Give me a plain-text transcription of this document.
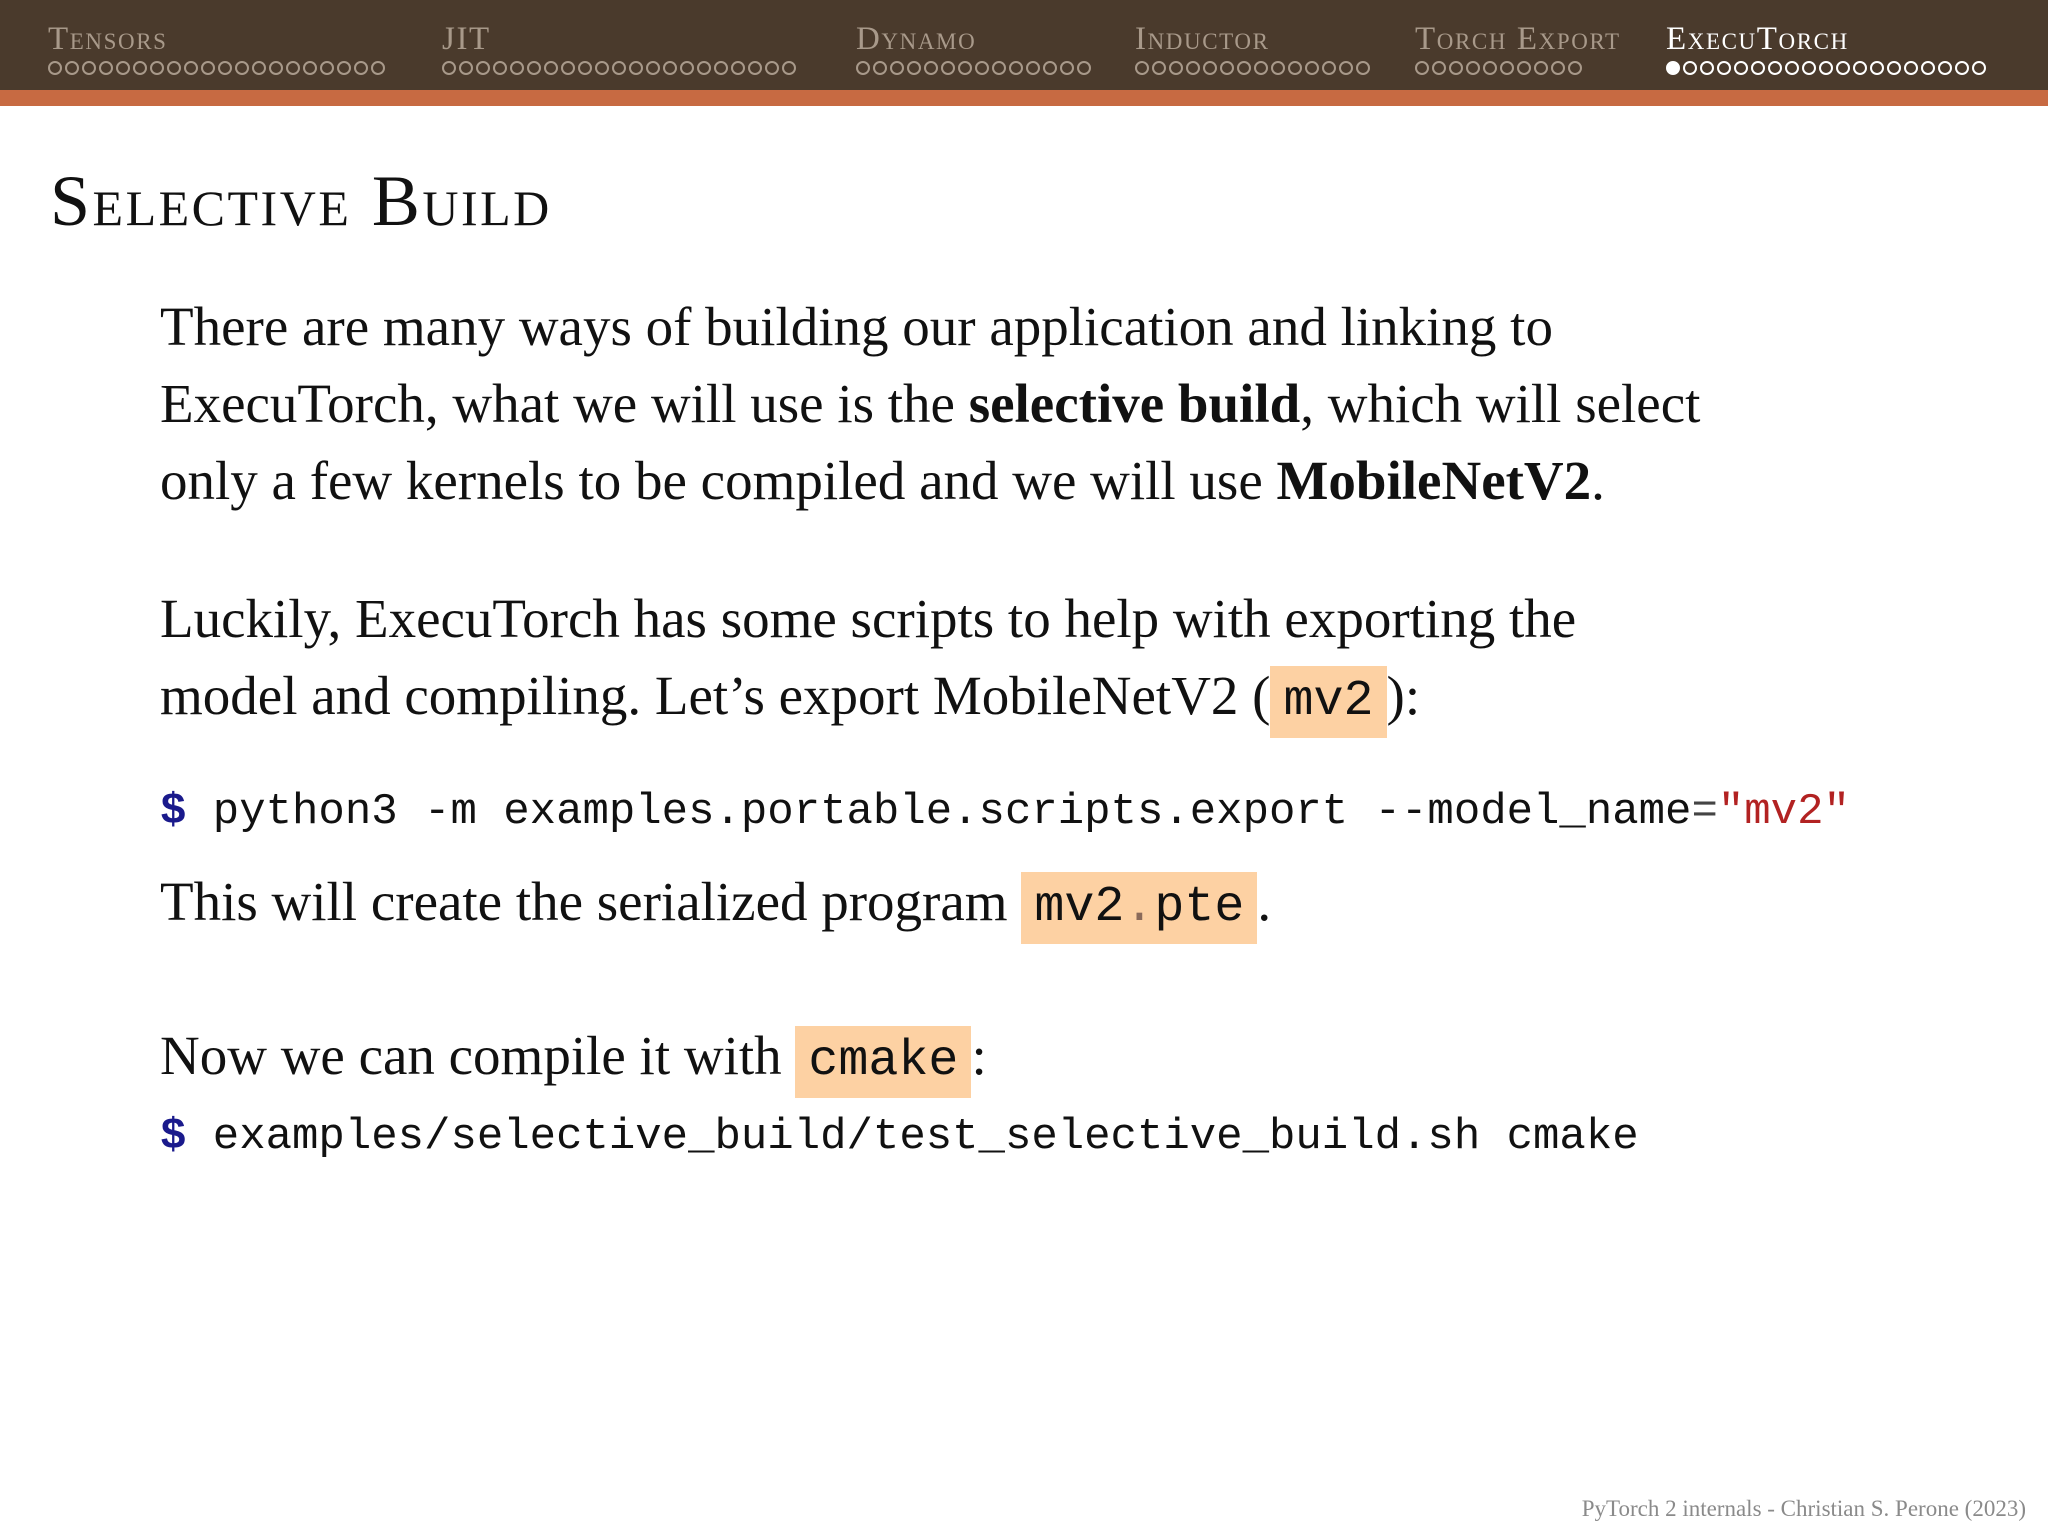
Tensors	JIT	Dynamo	Inductor	Torch Export ExecuTorch
Selective Build
There are many ways of building our application and linking to
ExecuTorch, what we will use is the selective build, which will select
only a few kernels to be compiled and we will use MobileNetV2.
Luckily, ExecuTorch has some scripts to help with exporting the
model and compiling. Let’s export MobileNetV2 ( mv2 ):
$ python3 -m examples.portable.scripts.export --model_name="mv2"
This will create the serialized program mv2.pte .
Now we can compile it with cmake :
$ examples/selective_build/test_selective_build.sh cmake
PyTorch 2 internals - Christian S. Perone (2023)
